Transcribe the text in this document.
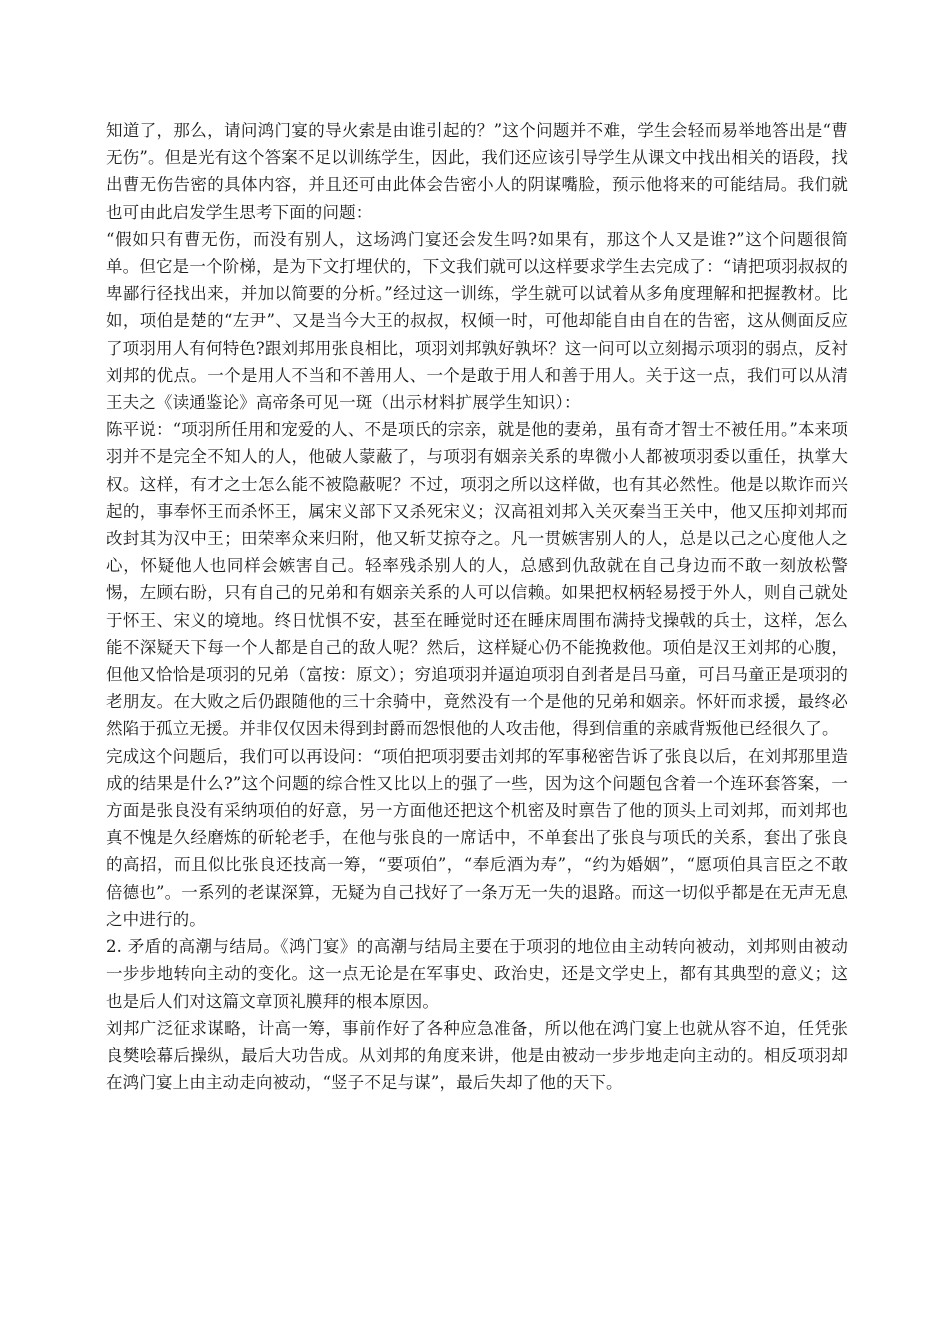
知道了，那么，请问鸿门宴的导火索是由谁引起的？”这个问题并不难，学生会轻而易举地答出是“曹无伤”。但是光有这个答案不足以训练学生，因此，我们还应该引导学生从课文中找出相关的语段，找出曹无伤告密的具体内容，并且还可由此体会告密小人的阴谋嘴脸，预示他将来的可能结局。我们就也可由此启发学生思考下面的问题：

“假如只有曹无伤，而没有别人，这场鸿门宴还会发生吗?如果有，那这个人又是谁?”这个问题很简单。但它是一个阶梯，是为下文打埋伏的，下文我们就可以这样要求学生去完成了：“请把项羽叔叔的卑鄙行径找出来，并加以简要的分析。”经过这一训练，学生就可以试着从多角度理解和把握教材。比如，项伯是楚的“左尹”、又是当今大王的叔叔，权倾一时，可他却能自由自在的告密，这从侧面反应了项羽用人有何特色?跟刘邦用张良相比，项羽刘邦孰好孰坏？这一问可以立刻揭示项羽的弱点，反衬刘邦的优点。一个是用人不当和不善用人、一个是敢于用人和善于用人。关于这一点，我们可以从清王夫之《读通鉴论》高帝条可见一斑（出示材料扩展学生知识）：

陈平说：“项羽所任用和宠爱的人、不是项氏的宗亲，就是他的妻弟，虽有奇才智士不被任用。”本来项羽并不是完全不知人的人，他破人蒙蔽了，与项羽有姻亲关系的卑微小人都被项羽委以重任，执掌大权。这样，有才之士怎么能不被隐蔽呢？不过，项羽之所以这样做，也有其必然性。他是以欺诈而兴起的，事奉怀王而杀怀王，属宋义部下又杀死宋义；汉高祖刘邦入关灭秦当王关中，他又压抑刘邦而改封其为汉中王；田荣率众来归附，他又斩艾掠夺之。凡一贯嫉害别人的人，总是以己之心度他人之心，怀疑他人也同样会嫉害自己。轻率残杀别人的人，总感到仇敌就在自己身边而不敢一刻放松警惕，左顾右盼，只有自己的兄弟和有姻亲关系的人可以信赖。如果把权柄轻易授于外人，则自己就处于怀王、宋义的境地。终日忧惧不安，甚至在睡觉时还在睡床周围布满持戈操戟的兵士，这样，怎么能不深疑天下每一个人都是自己的敌人呢？然后，这样疑心仍不能挽救他。项伯是汉王刘邦的心腹，但他又恰恰是项羽的兄弟（富按：原文）；穷追项羽并逼迫项羽自刭者是吕马童，可吕马童正是项羽的老朋友。在大败之后仍跟随他的三十余骑中，竟然没有一个是他的兄弟和姻亲。怀奸而求援，最终必然陷于孤立无援。并非仅仅因未得到封爵而怨恨他的人攻击他，得到信重的亲戚背叛他已经很久了。

完成这个问题后，我们可以再设问：“项伯把项羽要击刘邦的军事秘密告诉了张良以后，在刘邦那里造成的结果是什么?”这个问题的综合性又比以上的强了一些，因为这个问题包含着一个连环套答案，一方面是张良没有采纳项伯的好意，另一方面他还把这个机密及时禀告了他的顶头上司刘邦，而刘邦也真不愧是久经磨炼的斫轮老手，在他与张良的一席话中，不单套出了张良与项氏的关系，套出了张良的高招，而且似比张良还技高一筹，“要项伯”，“奉卮酒为寿”，“约为婚姻”，“愿项伯具言臣之不敢倍德也”。一系列的老谋深算，无疑为自己找好了一条万无一失的退路。而这一切似乎都是在无声无息之中进行的。

2. 矛盾的高潮与结局。《鸿门宴》的高潮与结局主要在于项羽的地位由主动转向被动，刘邦则由被动一步步地转向主动的变化。这一点无论是在军事史、政治史，还是文学史上，都有其典型的意义；这也是后人们对这篇文章顶礼膜拜的根本原因。

刘邦广泛征求谋略，计高一筹，事前作好了各种应急准备，所以他在鸿门宴上也就从容不迫，任凭张良樊哙幕后操纵，最后大功告成。从刘邦的角度来讲，他是由被动一步步地走向主动的。相反项羽却在鸿门宴上由主动走向被动，“竖子不足与谋”，最后失却了他的天下。
